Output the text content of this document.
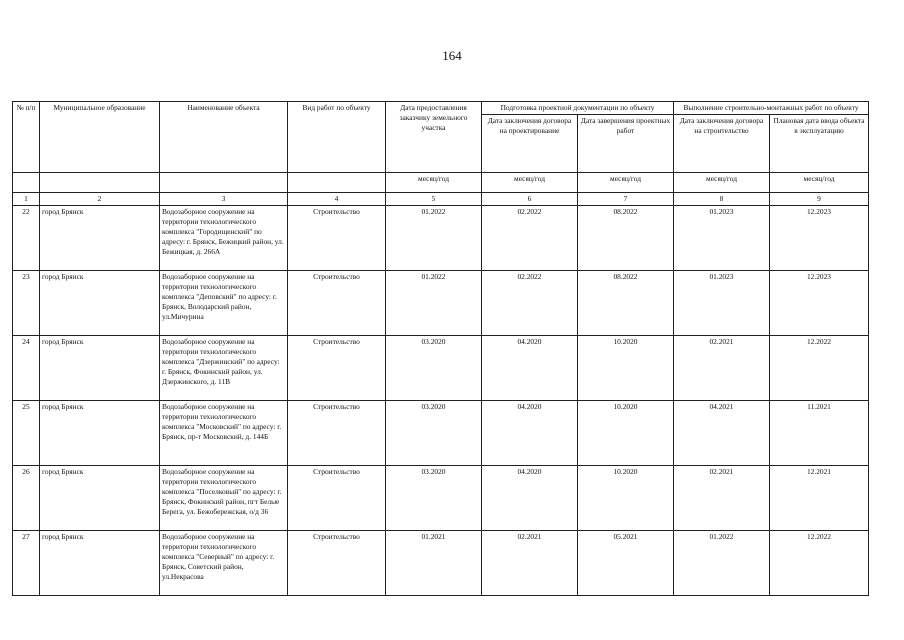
164
№ п/п	Муниципальное образование	Наименование объекта	Вид работ по объекту	Дата предоставления заказчику земельного участка	Подготовка проектной документации по объекту		Выполнение строительно-монтажных работ по объекту	
					Дата заключения договора на проектирование	Дата завершения проектных работ	Дата заключения договора на строительство	Плановая дата ввода объекта в эксплуатацию
				месяц/год	месяц/год	месяц/год	месяц/год	месяц/год
1	2	3	4	5	6	7	8	9
22	город Брянск	Водозаборное сооружение на территории технологического комплекса "Городищенский" по адресу: г. Брянск, Бежицкий район, ул. Бежицкая, д. 266А	Строительство	01.2022	02.2022	08.2022	01.2023	12.2023
23	город Брянск	Водозаборное сооружение на территории технологического комплекса "Деповский" по адресу: г. Брянск, Володарский район, ул.Мичурина	Строительство	01.2022	02.2022	08.2022	01.2023	12.2023
24	город Брянск	Водозаборное сооружение на территории технологического комплекса "Дзержинский" по адресу: г. Брянск, Фокинский район, ул. Дзержинского, д. 11В	Строительство	03.2020	04.2020	10.2020	02.2021	12.2022
25	город Брянск	Водозаборное сооружение на территории технологического комплекса "Московский" по адресу: г. Брянск, пр-т Московский, д. 144Б	Строительство	03.2020	04.2020	10.2020	04.2021	11.2021
26	город Брянск	Водозаборное сооружение на территории технологического комплекса "Поселковый" по адресу: г. Брянск, Фокинский район, пгт Белые Берега, ул. Бежобережская, о/д 36	Строительство	03.2020	04.2020	10.2020	02.2021	12.2021
27	город Брянск	Водозаборное сооружение на территории технологического комплекса "Северный" по адресу: г. Брянск, Советский район, ул.Некрасова	Строительство	01.2021	02.2021	05.2021	01.2022	12.2022
